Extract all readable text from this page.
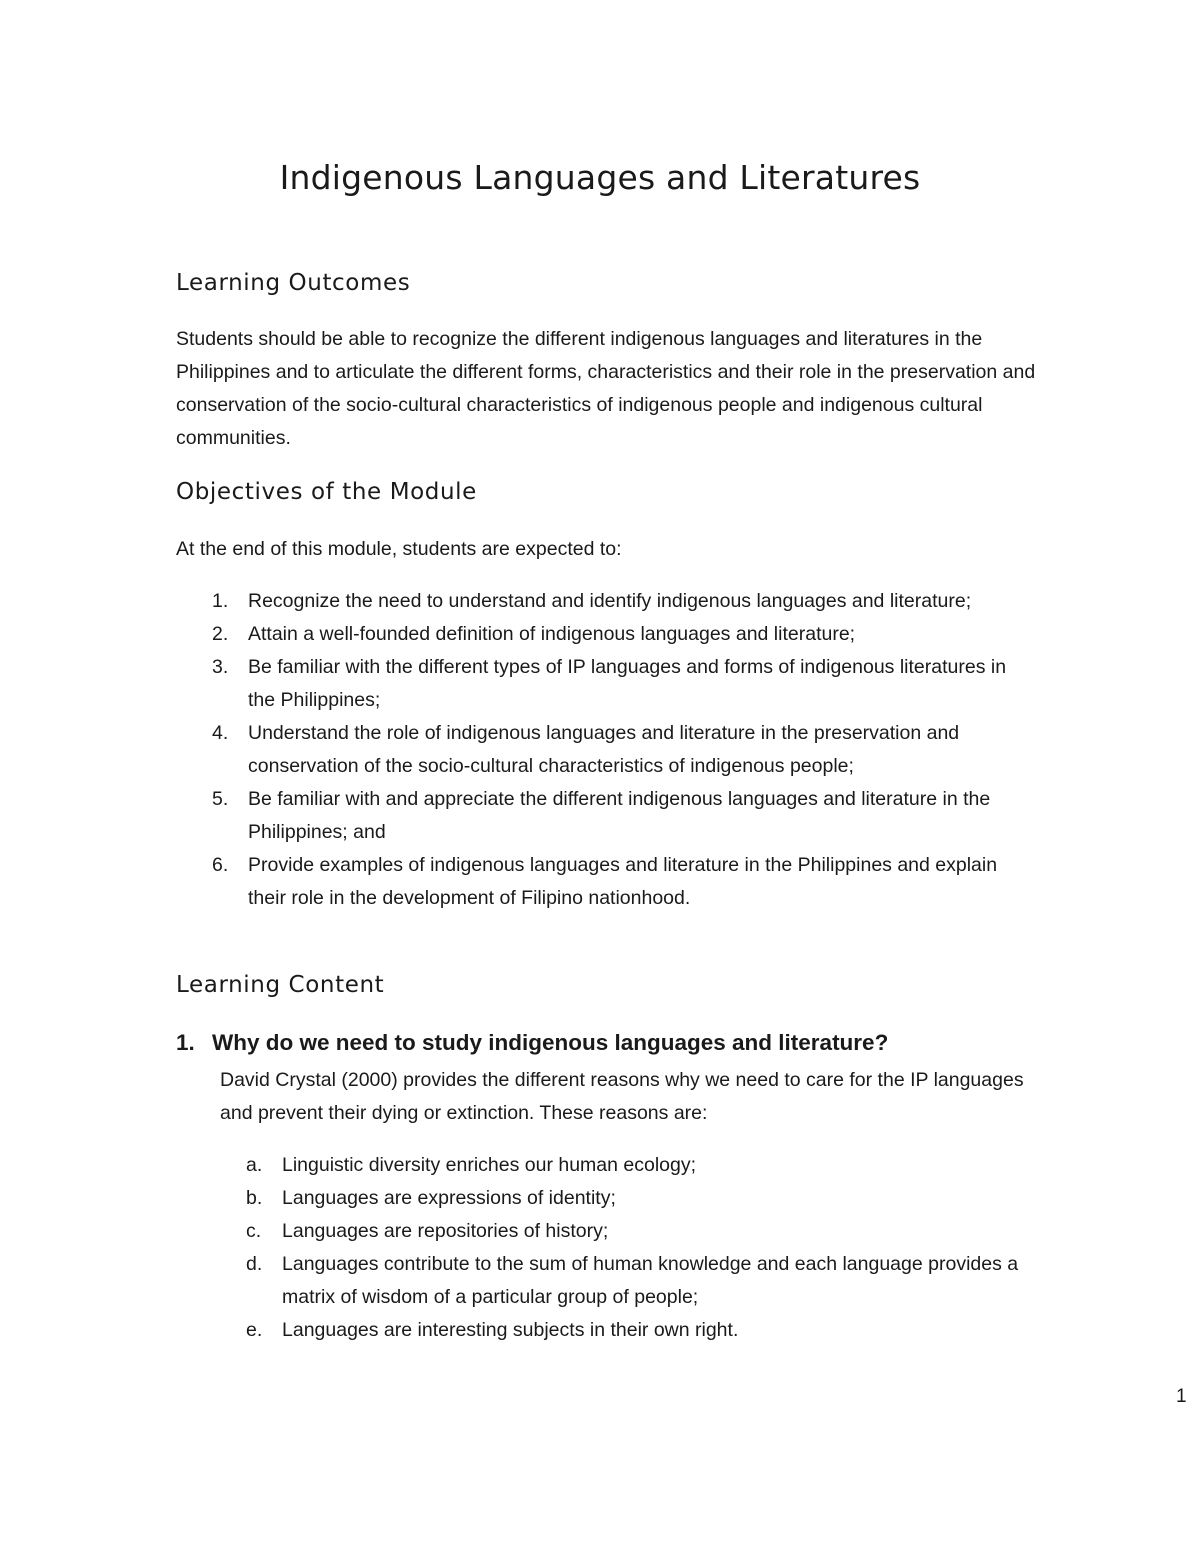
Indigenous Languages and Literatures
Learning Outcomes

Students should be able to recognize the different indigenous languages and literatures in the Philippines and to articulate the different forms, characteristics and their role in the preservation and conservation of the socio-cultural characteristics of indigenous people and indigenous cultural communities.

Objectives of the Module

At the end of this module, students are expected to:

1. Recognize the need to understand and identify indigenous languages and literature;
2. Attain a well-founded definition of indigenous languages and literature;
3. Be familiar with the different types of IP languages and forms of indigenous literatures in the Philippines;
4. Understand the role of indigenous languages and literature in the preservation and conservation of the socio-cultural characteristics of indigenous people;
5. Be familiar with and appreciate the different indigenous languages and literature in the Philippines; and
6. Provide examples of indigenous languages and literature in the Philippines and explain their role in the development of Filipino nationhood.
Learning Content
1. Why do we need to study indigenous languages and literature?

David Crystal (2000) provides the different reasons why we need to care for the IP languages and prevent their dying or extinction. These reasons are:

a. Linguistic diversity enriches our human ecology;
b. Languages are expressions of identity;
c. Languages are repositories of history;
d. Languages contribute to the sum of human knowledge and each language provides a matrix of wisdom of a particular group of people;
e. Languages are interesting subjects in their own right.

1
